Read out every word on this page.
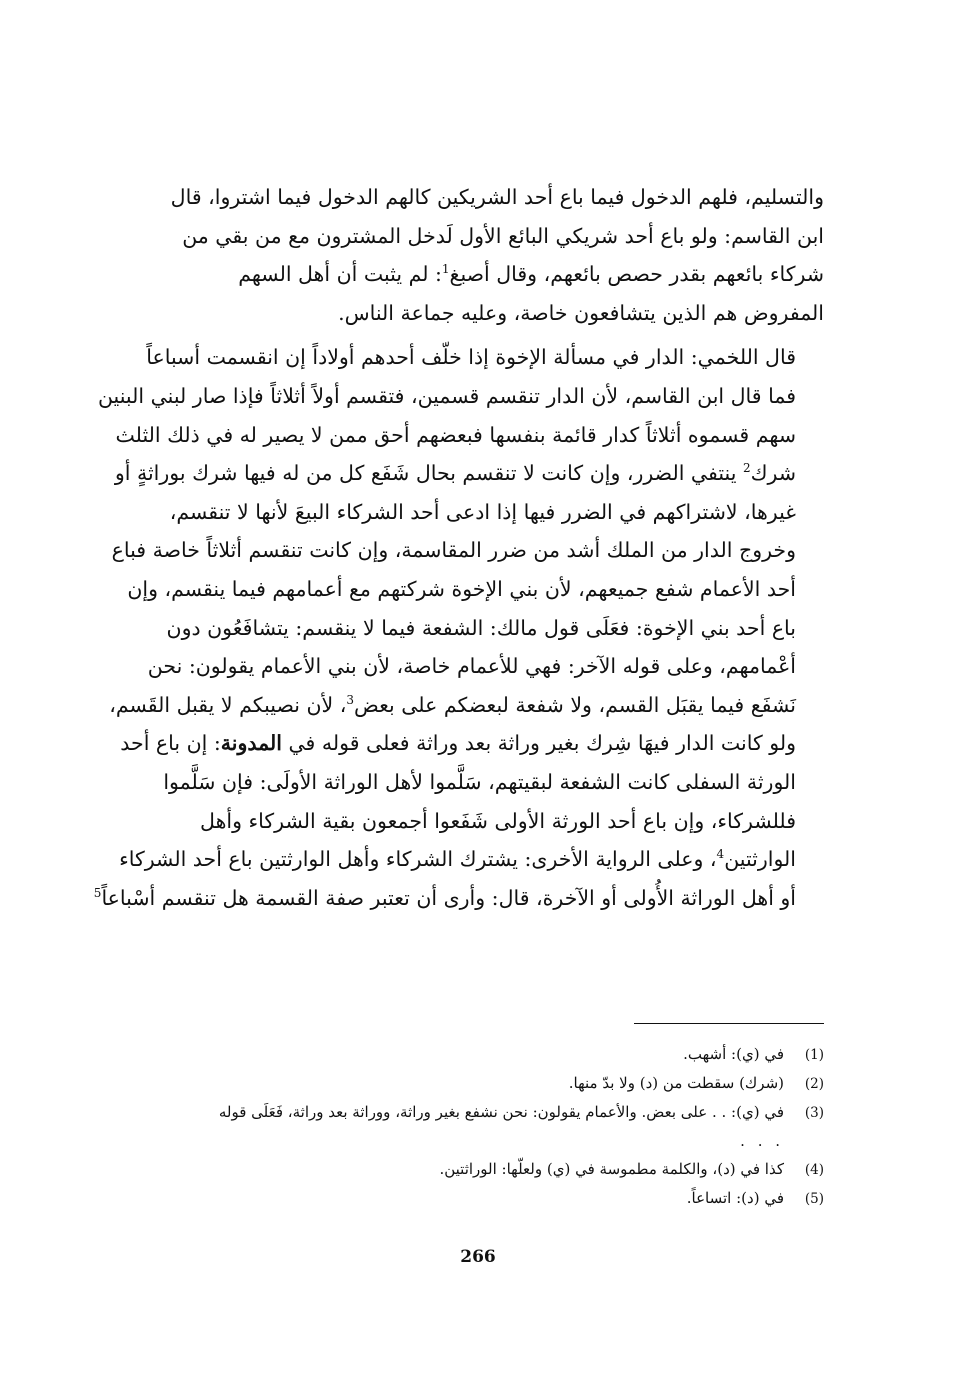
والتسليم، فلهم الدخول فيما باع أحد الشريكين كالهم الدخول فيما اشتروا، قال
ابن القاسم: ولو باع أحد شريكي البائع الأول لَدخل المشترون مع من بقي من
شركاء بائعهم بقدر حصص بائعهم، وقال أصبغ$^1$: لم يثبت أن أهل السهم
المفروض هم الذين يتشافعون خاصة، وعليه جماعة الناس.

قال اللخمي: الدار في مسألة الإخوة إذا خلّف أحدهم أولاداً إن انقسمت أسباعاً
فما قال ابن القاسم، لأن الدار تنقسم قسمين، فتقسم أولاً أثلاثاً فإذا صار لبني البنين
سهم قسموه أثلاثاً كدار قائمة بنفسها فبعضهم أحق ممن لا يصير له في ذلك الثلث
شرك$^2$ ينتفي الضرر، وإن كانت لا تنقسم بحال شَفَع كل من له فيها شرك بوراثةٍ أو
غيرها، لاشتراكهم في الضرر فيها إذا ادعى أحد الشركاء البيعَ لأنها لا تنقسم،
وخروج الدار من الملك أشد من ضرر المقاسمة، وإن كانت تنقسم أثلاثاً خاصة فباع
أحد الأعمام شفع جميعهم، لأن بني الإخوة شركتهم مع أعمامهم فيما ينقسم، وإن
باع أحد بني الإخوة: فعَلَى قول مالك: الشفعة فيما لا ينقسم: يتشافَعُون دون
أعْمامهم، وعلى قوله الآخر: فهي للأعمام خاصة، لأن بني الأعمام يقولون: نحن
نَشفَع فيما يقبَل القسم، ولا شفعة لبعضكم على بعض$^3$، لأن نصيبكم لا يقبل القَسم،
ولو كانت الدار فيهَا شِرك بغير وراثة بعد وراثة فعلى قوله في المدونة: إن باع أحد
الورثة السفلى كانت الشفعة لبقيتهم، سَلَّموا لأهل الوراثة الأولَى: فإن سَلَّموا
فللشركاء، وإن باع أحد الورثة الأولى شَفَعوا أجمعون بقية الشركاء وأهل
الوارثتين$^4$، وعلى الرواية الأخرى: يشترك الشركاء وأهل الوارثتين باع أحد الشركاء
أو أهل الوراثة الأُولى أو الآخرة، قال: وأرى أن تعتبر صفة القسمة هل تنقسم أسْباعاً$^5$

(1)
في (ي): أشهب.
(2)
(شرك) سقطت من (د) ولا بدّ منها.
(3)
في (ي): . . على بعض. والأعمام يقولون: نحن نشفع بغير وراثة، ووراثة بعد وراثة، فَعَلَى قوله
. . .
(4)
كذا في (د)، والكلمة مطموسة في (ي) ولعلّها: الوراثتين.
(5)
في (د): اتساعاً.
266
